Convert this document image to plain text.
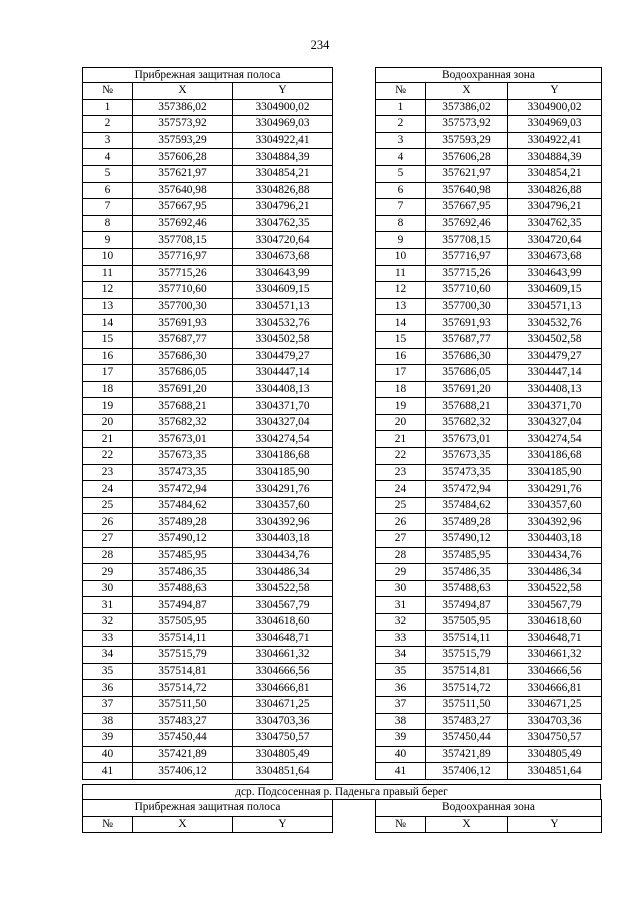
234
Прибрежная защитная полоса		
№	X	Y
1	357386,02	3304900,02
2	357573,92	3304969,03
3	357593,29	3304922,41
4	357606,28	3304884,39
5	357621,97	3304854,21
6	357640,98	3304826,88
7	357667,95	3304796,21
8	357692,46	3304762,35
9	357708,15	3304720,64
10	357716,97	3304673,68
11	357715,26	3304643,99
12	357710,60	3304609,15
13	357700,30	3304571,13
14	357691,93	3304532,76
15	357687,77	3304502,58
16	357686,30	3304479,27
17	357686,05	3304447,14
18	357691,20	3304408,13
19	357688,21	3304371,70
20	357682,32	3304327,04
21	357673,01	3304274,54
22	357673,35	3304186,68
23	357473,35	3304185,90
24	357472,94	3304291,76
25	357484,62	3304357,60
26	357489,28	3304392,96
27	357490,12	3304403,18
28	357485,95	3304434,76
29	357486,35	3304486,34
30	357488,63	3304522,58
31	357494,87	3304567,79
32	357505,95	3304618,60
33	357514,11	3304648,71
34	357515,79	3304661,32
35	357514,81	3304666,56
36	357514,72	3304666,81
37	357511,50	3304671,25
38	357483,27	3304703,36
39	357450,44	3304750,57
40	357421,89	3304805,49
41	357406,12	3304851,64
Водоохранная зона		
№	X	Y
1	357386,02	3304900,02
2	357573,92	3304969,03
3	357593,29	3304922,41
4	357606,28	3304884,39
5	357621,97	3304854,21
6	357640,98	3304826,88
7	357667,95	3304796,21
8	357692,46	3304762,35
9	357708,15	3304720,64
10	357716,97	3304673,68
11	357715,26	3304643,99
12	357710,60	3304609,15
13	357700,30	3304571,13
14	357691,93	3304532,76
15	357687,77	3304502,58
16	357686,30	3304479,27
17	357686,05	3304447,14
18	357691,20	3304408,13
19	357688,21	3304371,70
20	357682,32	3304327,04
21	357673,01	3304274,54
22	357673,35	3304186,68
23	357473,35	3304185,90
24	357472,94	3304291,76
25	357484,62	3304357,60
26	357489,28	3304392,96
27	357490,12	3304403,18
28	357485,95	3304434,76
29	357486,35	3304486,34
30	357488,63	3304522,58
31	357494,87	3304567,79
32	357505,95	3304618,60
33	357514,11	3304648,71
34	357515,79	3304661,32
35	357514,81	3304666,56
36	357514,72	3304666,81
37	357511,50	3304671,25
38	357483,27	3304703,36
39	357450,44	3304750,57
40	357421,89	3304805,49
41	357406,12	3304851,64
дср. Подсосенная р. Паденьга правый берег
Прибрежная защитная полоса
№	X	Y
Водоохранная зона
№	X	Y
